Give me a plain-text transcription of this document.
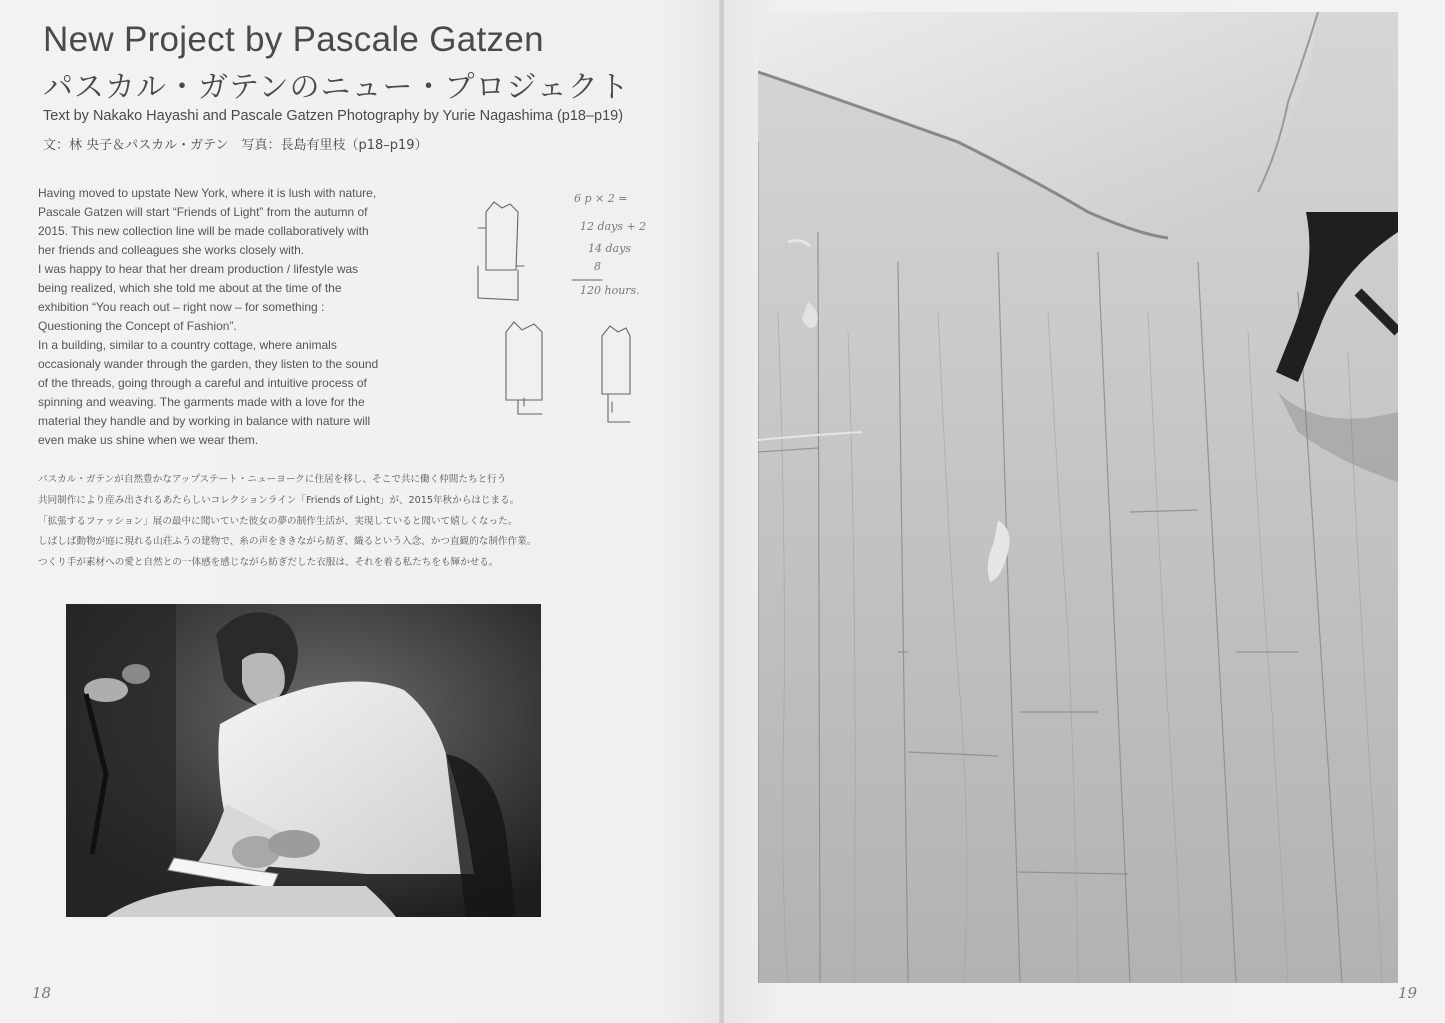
New Project by Pascale Gatzen
パスカル・ガテンのニュー・プロジェクト
Text by Nakako Hayashi and Pascale Gatzen Photography by Yurie Nagashima (p18–p19)
文：林 央子＆パスカル・ガテン　写真：長島有里枝（p18–p19）
Having moved to upstate New York, where it is lush with nature,
Pascale Gatzen will start “Friends of Light” from the autumn of
2015. This new collection line will be made collaboratively with
her friends and colleagues she works closely with.
I was happy to hear that her dream production / lifestyle was
being realized, which she told me about at the time of the
exhibition “You reach out – right now – for something :
Questioning the Concept of Fashion”.
In a building, similar to a country cottage, where animals
occasionaly wander through the garden, they listen to the sound
of the threads, going through a careful and intuitive process of
spinning and weaving. The garments made with a love for the
material they handle and by working in balance with nature will
even make us shine when we wear them.
6 p × 2 =
12 days + 2
14 days
8
120 hours.
パスカル・ガテンが自然豊かなアップステート・ニューヨークに住居を移し、そこで共に働く仲間たちと行う
共同制作により産み出されるあたらしいコレクションライン「Friends of Light」が、2015年秋からはじまる。
「拡張するファッション」展の最中に聞いていた彼女の夢の制作生活が、実現していると聞いて嬉しくなった。
しばしば動物が庭に現れる山荘ふうの建物で、糸の声をききながら紡ぎ、織るという入念、かつ直観的な制作作業。
つくり手が素材への愛と自然との一体感を感じながら紡ぎだした衣服は、それを着る私たちをも輝かせる。
18	19
